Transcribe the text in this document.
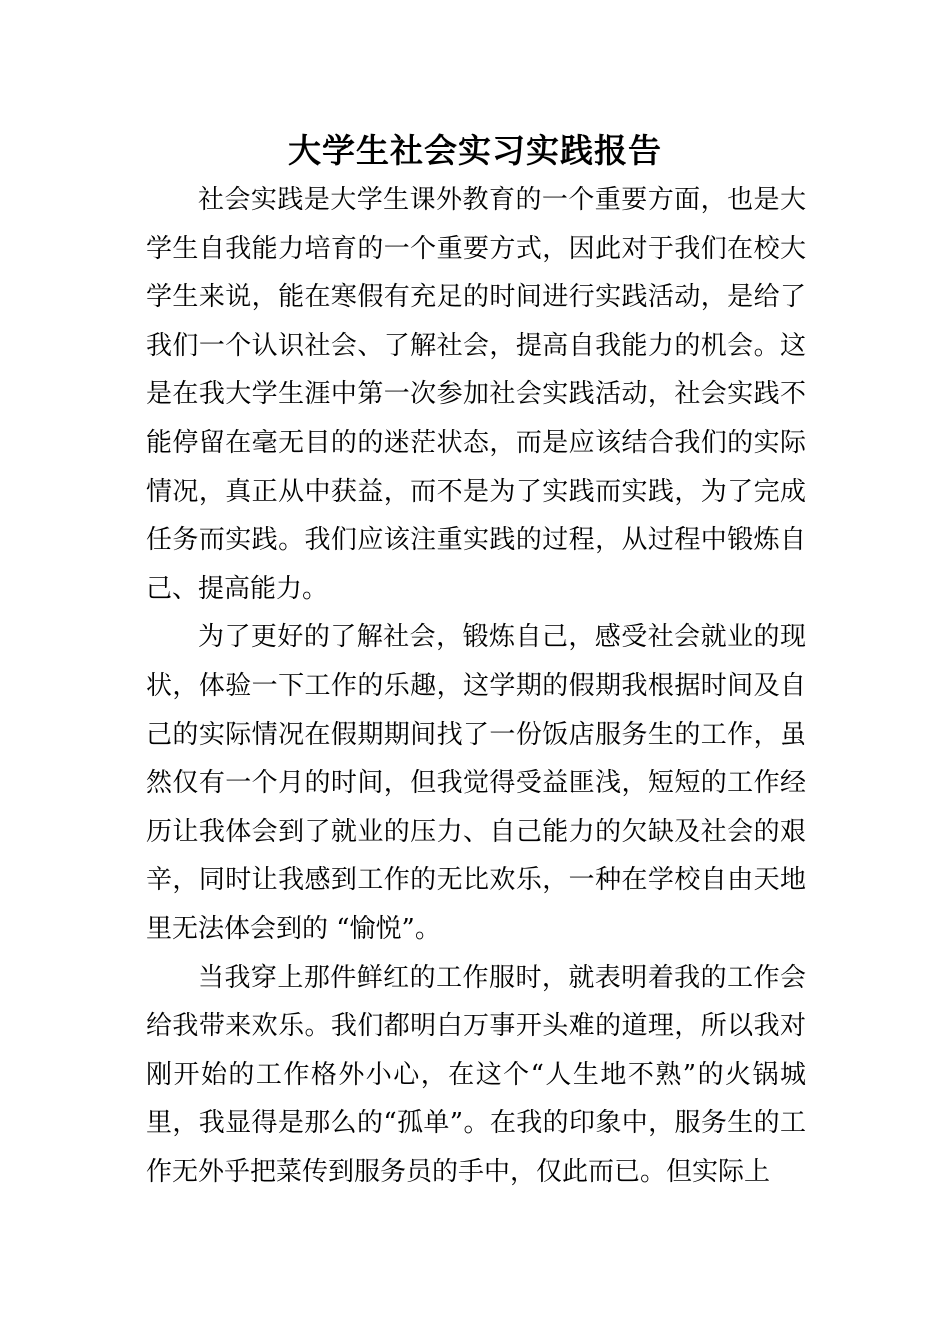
大学生社会实习实践报告

社会实践是大学生课外教育的一个重要方面，也是大学生自我能力培育的一个重要方式，因此对于我们在校大学生来说，能在寒假有充足的时间进行实践活动，是给了我们一个认识社会、了解社会，提高自我能力的机会。这是在我大学生涯中第一次参加社会实践活动，社会实践不能停留在毫无目的的迷茫状态，而是应该结合我们的实际情况，真正从中获益，而不是为了实践而实践，为了完成任务而实践。我们应该注重实践的过程，从过程中锻炼自己、提高能力。

为了更好的了解社会，锻炼自己，感受社会就业的现状，体验一下工作的乐趣，这学期的假期我根据时间及自己的实际情况在假期期间找了一份饭店服务生的工作，虽然仅有一个月的时间，但我觉得受益匪浅，短短的工作经历让我体会到了就业的压力、自己能力的欠缺及社会的艰辛，同时让我感到工作的无比欢乐，一种在学校自由天地里无法体会到的 “愉悦”。

当我穿上那件鲜红的工作服时，就表明着我的工作会给我带来欢乐。我们都明白万事开头难的道理，所以我对刚开始的工作格外小心，在这个“人生地不熟”的火锅城里，我显得是那么的“孤单”。在我的印象中，服务生的工作无外乎把菜传到服务员的手中，仅此而已。但实际上
